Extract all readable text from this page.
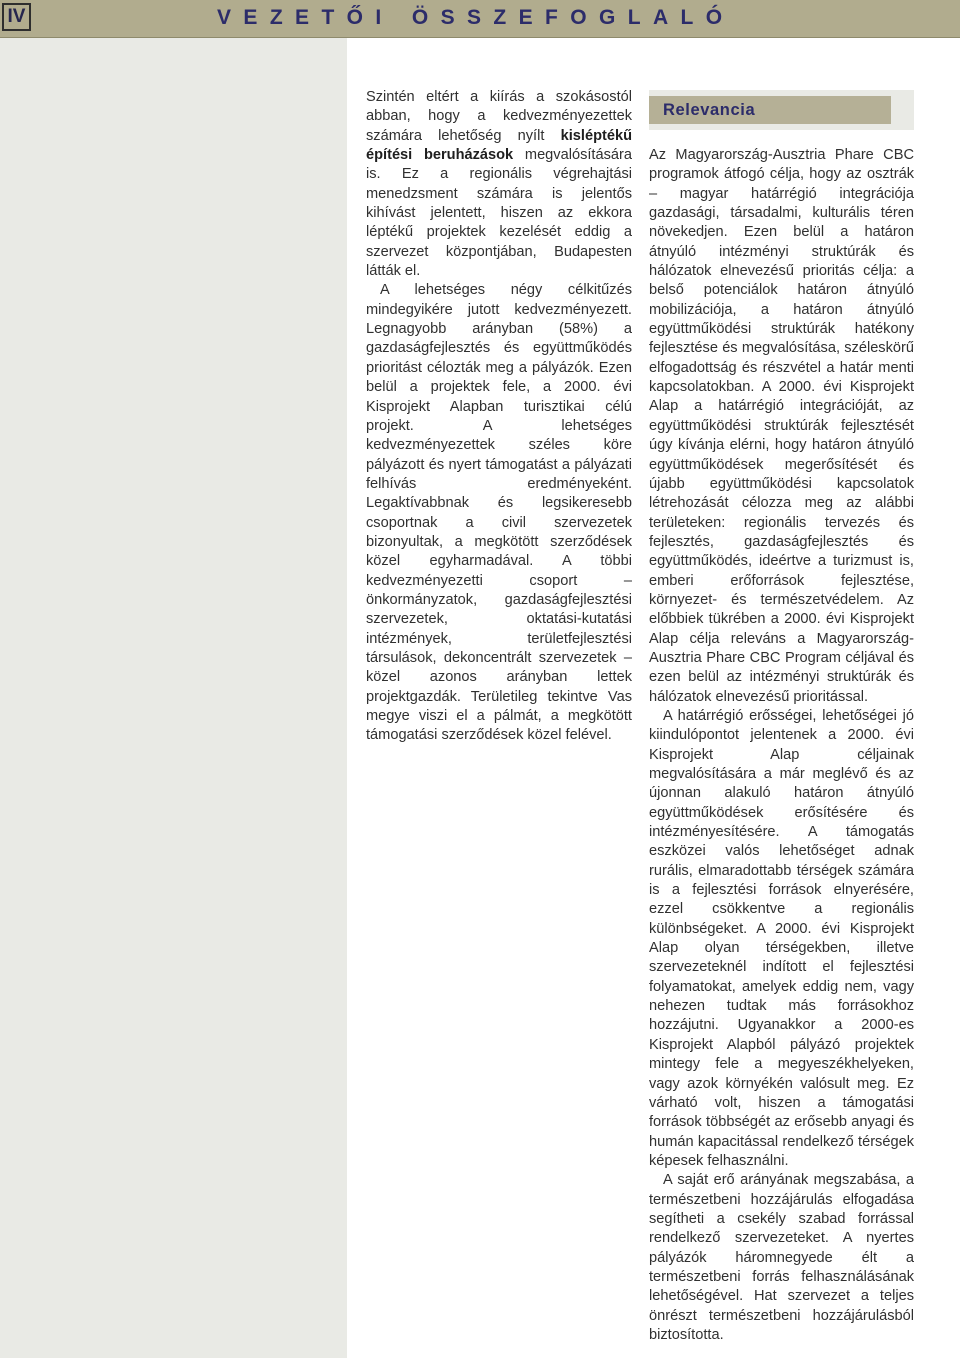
IV	VEZETŐI ÖSSZEFOGLALÓ

Szintén eltért a kiírás a szokásostól abban, hogy a kedvezményezettek számára lehetőség nyílt kisléptékű építési beruházások megvalósítására is. Ez a regionális végrehajtási menedzsment számára is jelentős kihívást jelentett, hiszen az ekkora léptékű projektek kezelését eddig a szervezet központjában, Budapesten látták el.

A lehetséges négy célkitűzés mindegyikére jutott kedvezményezett. Legnagyobb arányban (58%) a gazdaságfejlesztés és együttműködés prioritást célozták meg a pályázók. Ezen belül a projektek fele, a 2000. évi Kisprojekt Alapban turisztikai célú projekt. A lehetséges kedvezményezettek széles köre pályázott és nyert támogatást a pályázati felhívás eredményeként. Legaktívabbnak és legsikeresebb csoportnak a civil szervezetek bizonyultak, a megkötött szerződések közel egyharmadával. A többi kedvezményezetti csoport – önkormányzatok, gazdaságfejlesztési szervezetek, oktatási-kutatási intézmények, területfejlesztési társulások, dekoncentrált szervezetek – közel azonos arányban lettek projektgazdák. Területileg tekintve Vas megye viszi el a pálmát, a megkötött támogatási szerződések közel felével.

Relevancia

Az Magyarország-Ausztria Phare CBC programok átfogó célja, hogy az osztrák – magyar határrégió integrációja gazdasági, társadalmi, kulturális téren növekedjen. Ezen belül a határon átnyúló intézményi struktúrák és hálózatok elnevezésű prioritás célja: a belső potenciálok határon átnyúló mobilizációja, a határon átnyúló együttműködési struktúrák hatékony fejlesztése és megvalósítása, széleskörű elfogadottság és részvétel a határ menti kapcsolatokban. A 2000. évi Kisprojekt Alap a határrégió integrációját, az együttműködési struktúrák fejlesztését úgy kívánja elérni, hogy határon átnyúló együttműködések megerősítését és újabb együttműködési kapcsolatok létrehozását célozza meg az alábbi területeken: regionális tervezés és fejlesztés, gazdaságfejlesztés és együttműködés, ideértve a turizmust is, emberi erőforrások fejlesztése, környezet- és természetvédelem. Az előbbiek tükrében a 2000. évi Kisprojekt Alap célja releváns a Magyarország-Ausztria Phare CBC Program céljával és ezen belül az intézményi struktúrák és hálózatok elnevezésű prioritással.

A határrégió erősségei, lehetőségei jó kiindulópontot jelentenek a 2000. évi Kisprojekt Alap céljainak megvalósítására a már meglévő és az újonnan alakuló határon átnyúló együttműködések erősítésére és intézményesítésére. A támogatás eszközei valós lehetőséget adnak rurális, elmaradottabb térségek számára is a fejlesztési források elnyerésére, ezzel csökkentve a regionális különbségeket. A 2000. évi Kisprojekt Alap olyan térségekben, illetve szervezeteknél indított el fejlesztési folyamatokat, amelyek eddig nem, vagy nehezen tudtak más forrásokhoz hozzájutni. Ugyanakkor a 2000-es Kisprojekt Alapból pályázó projektek mintegy fele a megyeszékhelyeken, vagy azok környékén valósult meg. Ez várható volt, hiszen a támogatási források többségét az erősebb anyagi és humán kapacitással rendelkező térségek képesek felhasználni.

A saját erő arányának megszabása, a természetbeni hozzájárulás elfogadása segítheti a csekély szabad forrással rendelkező szervezeteket. A nyertes pályázók háromnegyede élt a természetbeni forrás felhasználásának lehetőségével. Hat szervezet a teljes önrészt természetbeni hozzájárulásból biztosította.
